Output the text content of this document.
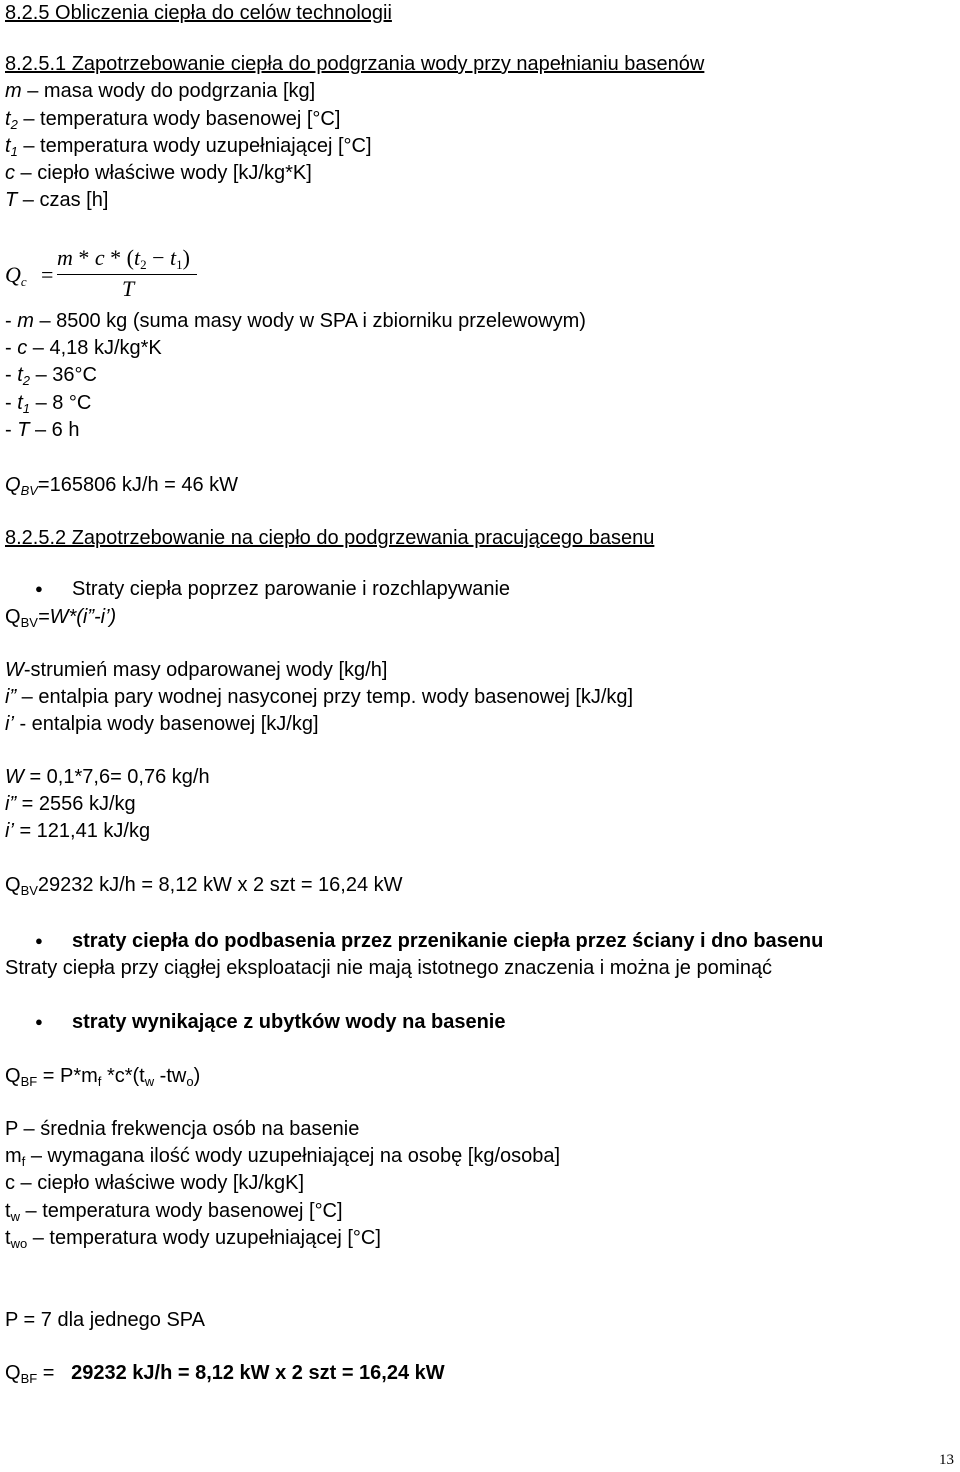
8.2.5 Obliczenia ciepła do celów technologii
8.2.5.1 Zapotrzebowanie ciepła do podgrzania wody przy napełnianiu basenów
m – masa wody do podgrzania [kg]
$t_2$ – temperatura wody basenowej [°C]
$t_1$ – temperatura wody uzupełniającej [°C]
c – ciepło właściwe wody [kJ/kg*K]
T – czas [h]
$Q_c$ =
$m * c * (t_2 - t_1)$
T
- m – 8500 kg (suma masy wody w SPA i zbiorniku przelewowym)
- c – 4,18 kJ/kg*K
- $t_2 - 36^\circ C$
- $t_1 - 8$ °C
- T – 6 h
$Q_{BV}=165806$ kJ/h = 46 kW
8.2.5.2 Zapotrzebowanie na ciepło do podgrzewania pracującego basenu
● Straty ciepła poprzez parowanie i rozchlapywanie
$Q_{BV}=W*(i”-i’)$
W-strumień masy odparowanej wody [kg/h]
i” – entalpia pary wodnej nasyconej przy temp. wody basenowej [kJ/kg]
i’ - entalpia wody basenowej [kJ/kg]
W = 0,1*7,6= 0,76 kg/h
i” = 2556 kJ/kg
i’ = 121,41 kJ/kg
$Q_{BV}29232$ kJ/h = 8,12 kW x 2 szt = 16,24 kW
● straty ciepła do podbasenia przez przenikanie ciepła przez ściany i dno basenu
Straty ciepła przy ciągłej eksploatacji nie mają istotnego znaczenia i można je pominąć
● straty wynikające z ubytków wody na basenie
$Q_{BF} = P*m_f$ $*c*(t_w$ $-tw_o$)
P – średnia frekwencja osób na basenie
$m_f$ – wymagana ilość wody uzupełniającej na osobę [kg/osoba]
c – ciepło właściwe wody [kJ/kgK]
$t_w$ – temperatura wody basenowej [°C]
$t_{wo}$ – temperatura wody uzupełniającej [°C]
P = 7 dla jednego SPA
$Q_{BF} = 29232$ kJ/h = 8,12 kW x 2 szt = 16,24 kW
13
